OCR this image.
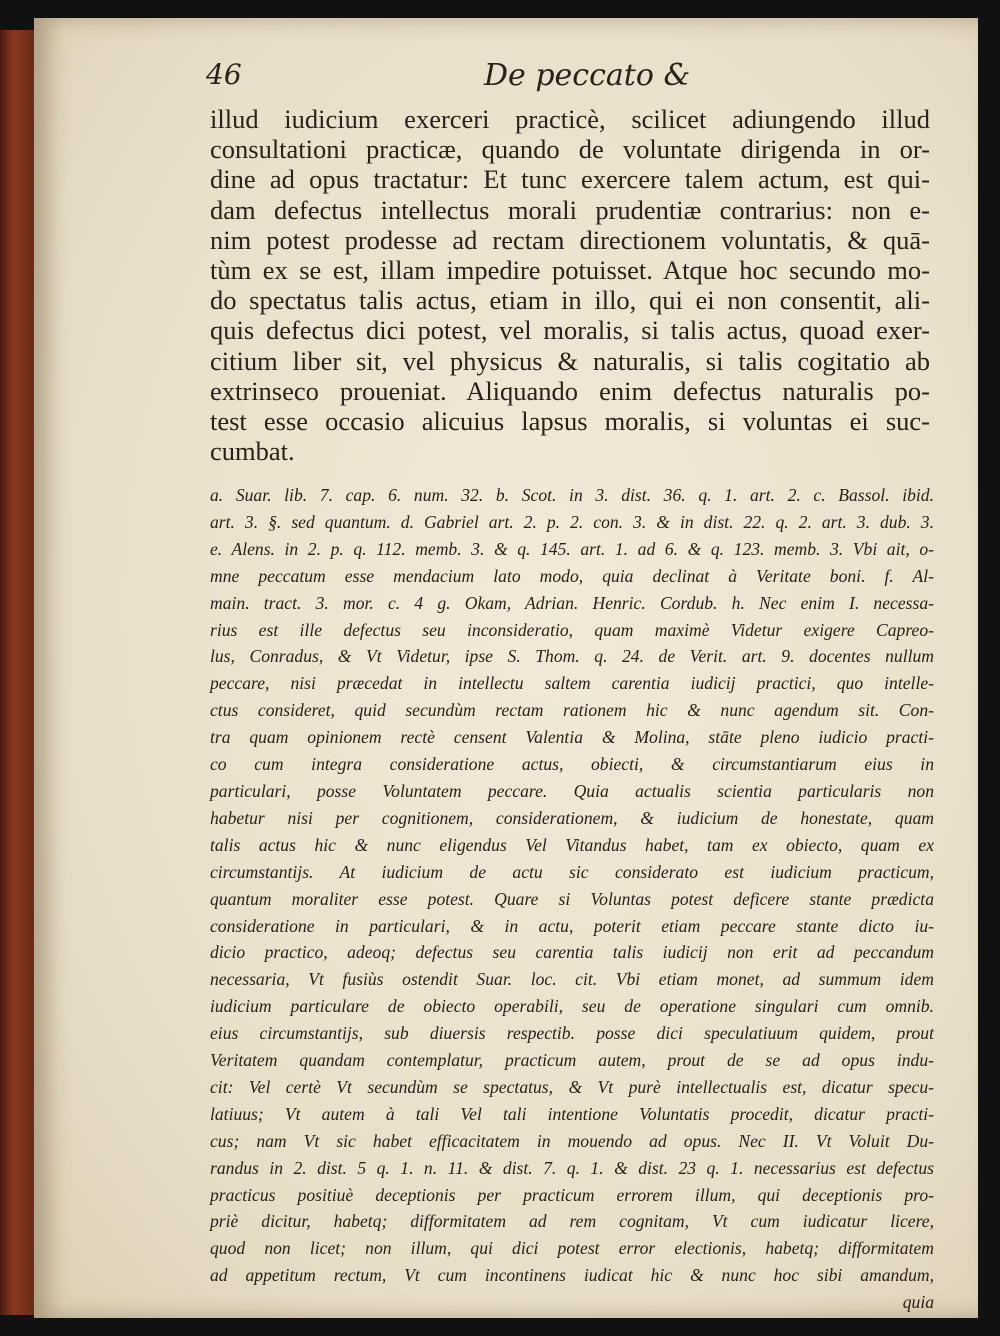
46	De peccato &
illud iudicium exerceri practicè, scilicet adiungendo illud
consultationi practicæ, quando de voluntate dirigenda in or-
dine ad opus tractatur: Et tunc exercere talem actum, est qui-
dam defectus intellectus morali prudentiæ contrarius: non e-
nim potest prodesse ad rectam directionem voluntatis, & quā-
tùm ex se est, illam impedire potuisset. Atque hoc secundo mo-
do spectatus talis actus, etiam in illo, qui ei non consentit, ali-
quis defectus dici potest, vel moralis, si talis actus, quoad exer-
citium liber sit, vel physicus & naturalis, si talis cogitatio ab
extrinseco proueniat. Aliquando enim defectus naturalis po-
test esse occasio alicuius lapsus moralis, si voluntas ei suc-
cumbat.
a. Suar. lib. 7. cap. 6. num. 32. b. Scot. in 3. dist. 36. q. 1. art. 2. c. Bassol. ibid.
art. 3. §. sed quantum. d. Gabriel art. 2. p. 2. con. 3. & in dist. 22. q. 2. art. 3. dub. 3.
e. Alens. in 2. p. q. 112. memb. 3. & q. 145. art. 1. ad 6. & q. 123. memb. 3. Vbi ait, o-
mne peccatum esse mendacium lato modo, quia declinat à Veritate boni. f. Al-
main. tract. 3. mor. c. 4 g. Okam, Adrian. Henric. Cordub. h. Nec enim I. necessa-
rius est ille defectus seu inconsideratio, quam maximè Videtur exigere Capreo-
lus, Conradus, & Vt Videtur, ipse S. Thom. q. 24. de Verit. art. 9. docentes nullum
peccare, nisi præcedat in intellectu saltem carentia iudicij practici, quo intelle-
ctus consideret, quid secundùm rectam rationem hic & nunc agendum sit. Con-
tra quam opinionem rectè censent Valentia & Molina, stāte pleno iudicio practi-
co cum integra consideratione actus, obiecti, & circumstantiarum eius in
particulari, posse Voluntatem peccare. Quia actualis scientia particularis non
habetur nisi per cognitionem, considerationem, & iudicium de honestate, quam
talis actus hic & nunc eligendus Vel Vitandus habet, tam ex obiecto, quam ex
circumstantijs. At iudicium de actu sic considerato est iudicium practicum,
quantum moraliter esse potest. Quare si Voluntas potest deficere stante prædicta
consideratione in particulari, & in actu, poterit etiam peccare stante dicto iu-
dicio practico, adeoq; defectus seu carentia talis iudicij non erit ad peccandum
necessaria, Vt fusiùs ostendit Suar. loc. cit. Vbi etiam monet, ad summum idem
iudicium particulare de obiecto operabili, seu de operatione singulari cum omnib.
eius circumstantijs, sub diuersis respectib. posse dici speculatiuum quidem, prout
Veritatem quandam contemplatur, practicum autem, prout de se ad opus indu-
cit: Vel certè Vt secundùm se spectatus, & Vt purè intellectualis est, dicatur specu-
latiuus; Vt autem à tali Vel tali intentione Voluntatis procedit, dicatur practi-
cus; nam Vt sic habet efficacitatem in mouendo ad opus. Nec II. Vt Voluit Du-
randus in 2. dist. 5 q. 1. n. 11. & dist. 7. q. 1. & dist. 23 q. 1. necessarius est defectus
practicus positiuè deceptionis per practicum errorem illum, qui deceptionis pro-
priè dicitur, habetq; difformitatem ad rem cognitam, Vt cum iudicatur licere,
quod non licet; non illum, qui dici potest error electionis, habetq; difformitatem
ad appetitum rectum, Vt cum incontinens iudicat hic & nunc hoc sibi amandum,
quia
